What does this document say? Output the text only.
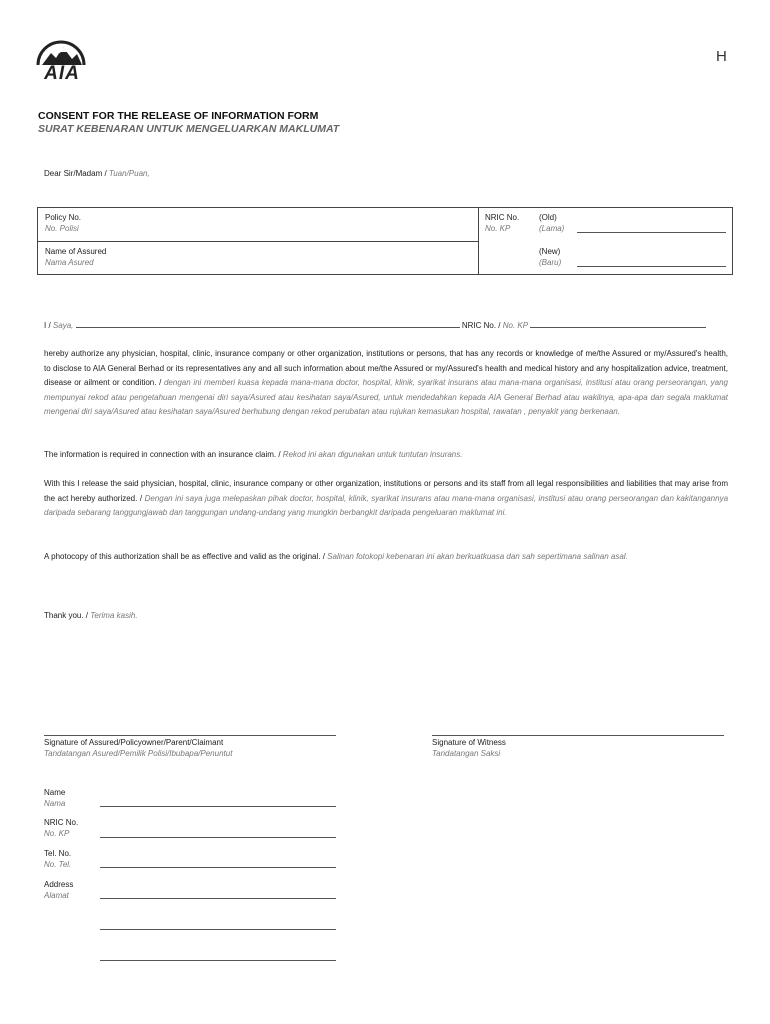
AIA
H
CONSENT FOR THE RELEASE OF INFORMATION FORM
SURAT KEBENARAN UNTUK MENGELUARKAN MAKLUMAT
Dear Sir/Madam / Tuan/Puan,
Policy No.
No. Polisi
Name of Assured
Nama Asured
NRIC No.
No. KP
(Old)
(Lama)
(New)
(Baru)
I / Saya,	NRIC No. / No. KP
hereby authorize any physician, hospital, clinic, insurance company or other organization, institutions or persons, that has any records or knowledge of me/the Assured or my/Assured's health, to disclose to AIA General Berhad or its representatives any and all such information about me/the Assured or my/Assured's health and medical history and any hospitalization advice, treatment, disease or ailment or condition. / dengan ini memberi kuasa kepada mana-mana doctor, hospital, klinik, syarikat insurans atau mana-mana organisasi, institusi atau orang perseorangan, yang mempunyai rekod atau pengetahuan mengenai diri saya/Asured atau kesihatan saya/Asured, untuk mendedahkan kepada AIA General Berhad atau wakilnya, apa-apa dan segala maklumat mengenai diri saya/Asured atau kesihatan saya/Asured berhubung dengan rekod perubatan atau rujukan kemasukan hospital, rawatan , penyakit yang berkenaan.
The information is required in connection with an insurance claim. / Rekod ini akan digunakan untuk tuntutan insurans.
With this I release the said physician, hospital, clinic, insurance company or other organization, institutions or persons and its staff from all legal responsibilities and liabilities that may arise from the act hereby authorized. / Dengan ini saya juga melepaskan pihak doctor, hospital, klinik, syarikat insurans atau mana-mana organisasi, institusi atau orang perseorangan dan kakitangannya daripada sebarang tanggungjawab dan tanggungan undang-undang yang mungkin berbangkit daripada pengeluaran maklumat ini.
A photocopy of this authorization shall be as effective and valid as the original. / Salinan fotokopi kebenaran ini akan berkuatkuasa dan sah sepertimana salinan asal.
Thank you. / Terima kasih.
Signature of Assured/Policyowner/Parent/Claimant
Tandatangan Asured/Pemilik Polisi/Ibubapa/Penuntut
Signature of Witness
Tandatangan Saksi
Name
Nama
NRIC No.
No. KP
Tel. No.
No. Tel.
Address
Alamat
